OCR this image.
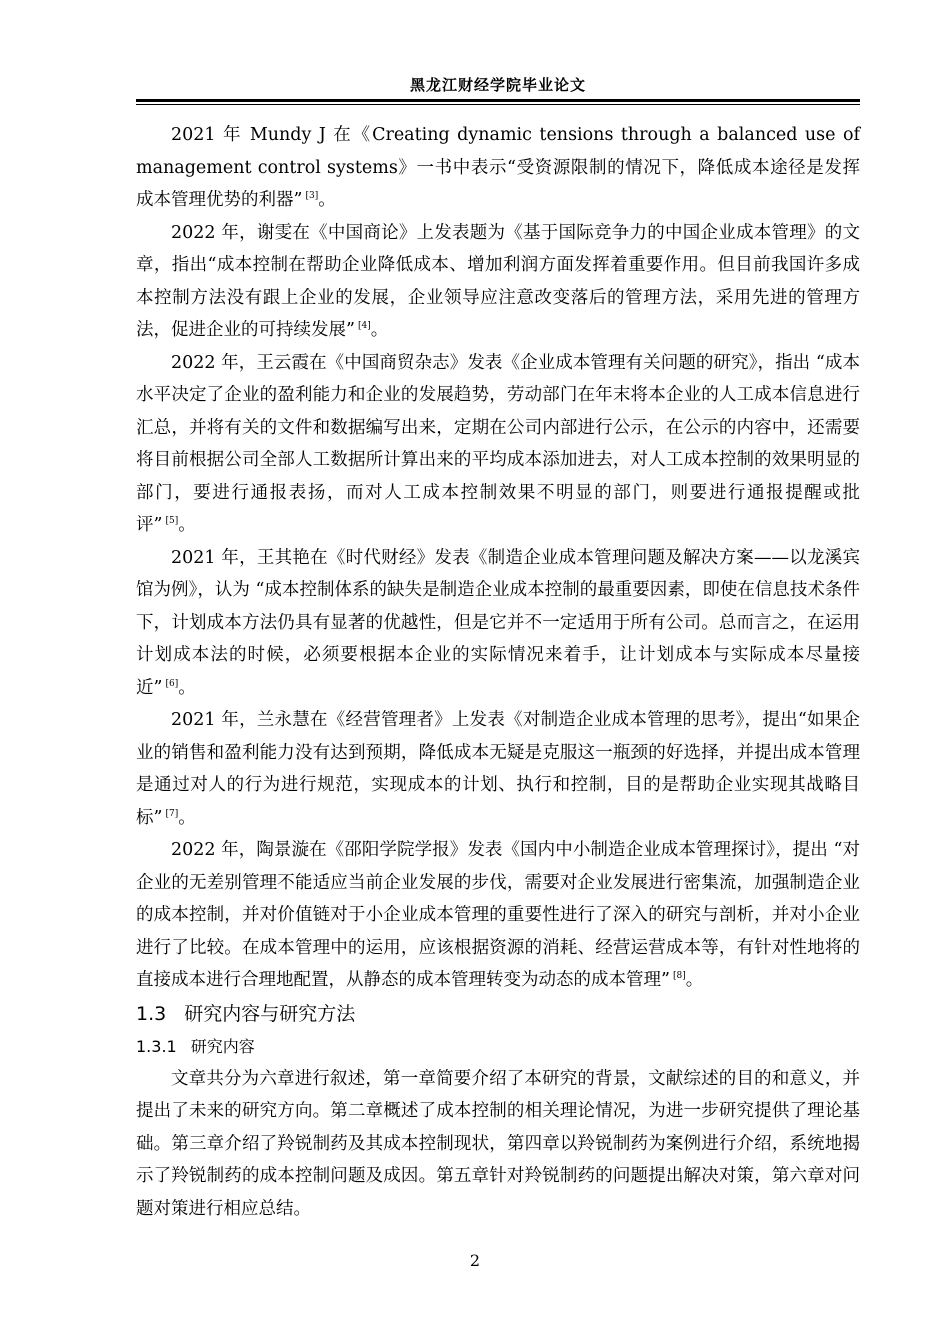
黑龙江财经学院毕业论文

2021 年 Mundy J 在《Creating dynamic tensions through a balanced use of management control systems》一书中表示“受资源限制的情况下，降低成本途径是发挥成本管理优势的利器” [3]。

2022 年，谢雯在《中国商论》上发表题为《基于国际竞争力的中国企业成本管理》的文章，指出“成本控制在帮助企业降低成本、增加利润方面发挥着重要作用。但目前我国许多成本控制方法没有跟上企业的发展，企业领导应注意改变落后的管理方法，采用先进的管理方法，促进企业的可持续发展” [4]。

2022 年，王云霞在《中国商贸杂志》发表《企业成本管理有关问题的研究》，指出 “成本水平决定了企业的盈利能力和企业的发展趋势，劳动部门在年末将本企业的人工成本信息进行汇总，并将有关的文件和数据编写出来，定期在公司内部进行公示，在公示的内容中，还需要将目前根据公司全部人工数据所计算出来的平均成本添加进去，对人工成本控制的效果明显的部门，要进行通报表扬，而对人工成本控制效果不明显的部门，则要进行通报提醒或批评” [5]。

2021 年，王其艳在《时代财经》发表《制造企业成本管理问题及解决方案——以龙溪宾馆为例》，认为 “成本控制体系的缺失是制造企业成本控制的最重要因素，即使在信息技术条件下，计划成本方法仍具有显著的优越性，但是它并不一定适用于所有公司。总而言之，在运用计划成本法的时候，必须要根据本企业的实际情况来着手，让计划成本与实际成本尽量接近” [6]。

2021 年，兰永慧在《经营管理者》上发表《对制造企业成本管理的思考》，提出“如果企业的销售和盈利能力没有达到预期，降低成本无疑是克服这一瓶颈的好选择，并提出成本管理是通过对人的行为进行规范，实现成本的计划、执行和控制，目的是帮助企业实现其战略目标” [7]。

2022 年，陶景漩在《邵阳学院学报》发表《国内中小制造企业成本管理探讨》，提出 “对企业的无差别管理不能适应当前企业发展的步伐，需要对企业发展进行密集流，加强制造企业的成本控制，并对价值链对于小企业成本管理的重要性进行了深入的研究与剖析，并对小企业进行了比较。在成本管理中的运用，应该根据资源的消耗、经营运营成本等，有针对性地将的直接成本进行合理地配置，从静态的成本管理转变为动态的成本管理” [8]。

1.3 研究内容与研究方法
1.3.1 研究内容

文章共分为六章进行叙述，第一章简要介绍了本研究的背景，文献综述的目的和意义，并提出了未来的研究方向。第二章概述了成本控制的相关理论情况，为进一步研究提供了理论基础。第三章介绍了羚锐制药及其成本控制现状，第四章以羚锐制药为案例进行介绍，系统地揭示了羚锐制药的成本控制问题及成因。第五章针对羚锐制药的问题提出解决对策，第六章对问题对策进行相应总结。

2
